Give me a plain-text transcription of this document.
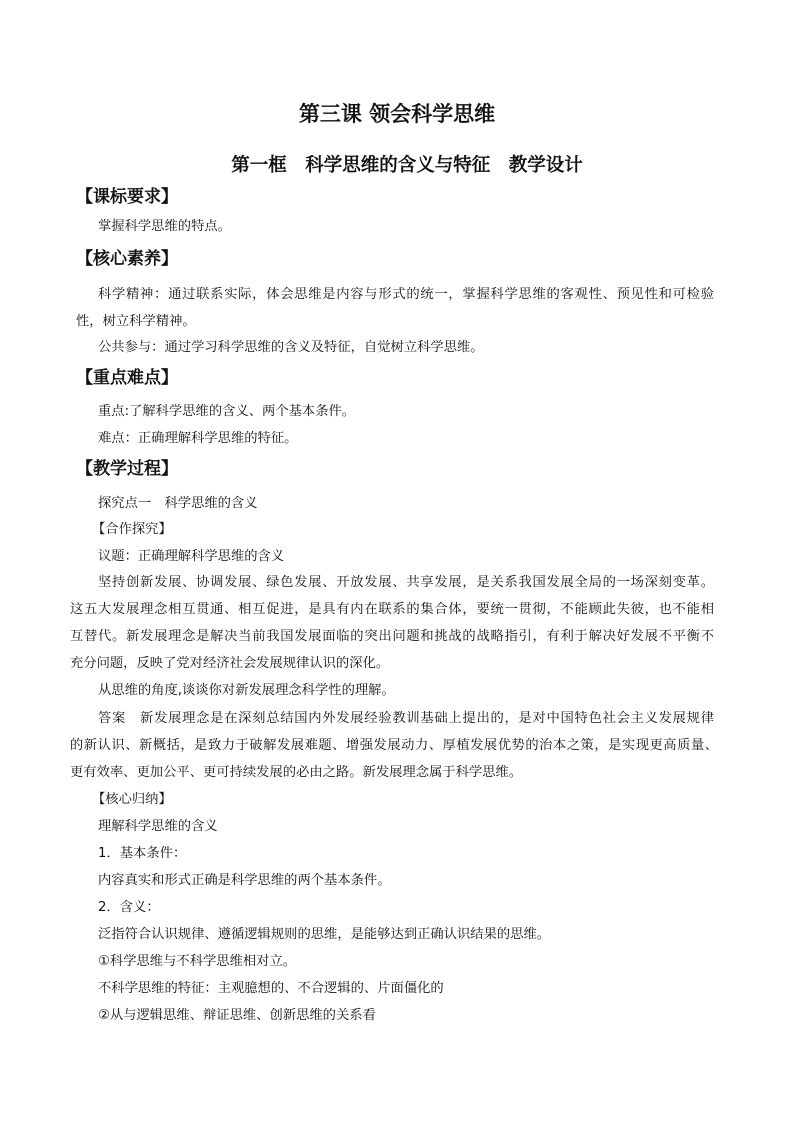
第三课 领会科学思维
第一框　科学思维的含义与特征　教学设计
【课标要求】
掌握科学思维的特点。
【核心素养】
科学精神：通过联系实际，体会思维是内容与形式的统一，掌握科学思维的客观性、预见性和可检验
性，树立科学精神。
公共参与：通过学习科学思维的含义及特征，自觉树立科学思维。
【重点难点】
重点:了解科学思维的含义、两个基本条件。
难点：正确理解科学思维的特征。
【教学过程】
探究点一　科学思维的含义
【合作探究】
议题：正确理解科学思维的含义
坚持创新发展、协调发展、绿色发展、开放发展、共享发展，是关系我国发展全局的一场深刻变革。
这五大发展理念相互贯通、相互促进，是具有内在联系的集合体，要统一贯彻，不能顾此失彼，也不能相
互替代。新发展理念是解决当前我国发展面临的突出问题和挑战的战略指引，有利于解决好发展不平衡不
充分问题，反映了党对经济社会发展规律认识的深化。
从思维的角度,谈谈你对新发展理念科学性的理解。
答案　新发展理念是在深刻总结国内外发展经验教训基础上提出的，是对中国特色社会主义发展规律
的新认识、新概括，是致力于破解发展难题、增强发展动力、厚植发展优势的治本之策，是实现更高质量、
更有效率、更加公平、更可持续发展的必由之路。新发展理念属于科学思维。
【核心归纳】
理解科学思维的含义
1．基本条件：
内容真实和形式正确是科学思维的两个基本条件。
2．含义：
泛指符合认识规律、遵循逻辑规则的思维，是能够达到正确认识结果的思维。
①科学思维与不科学思维相对立。
不科学思维的特征：主观臆想的、不合逻辑的、片面僵化的
②从与逻辑思维、辩证思维、创新思维的关系看
